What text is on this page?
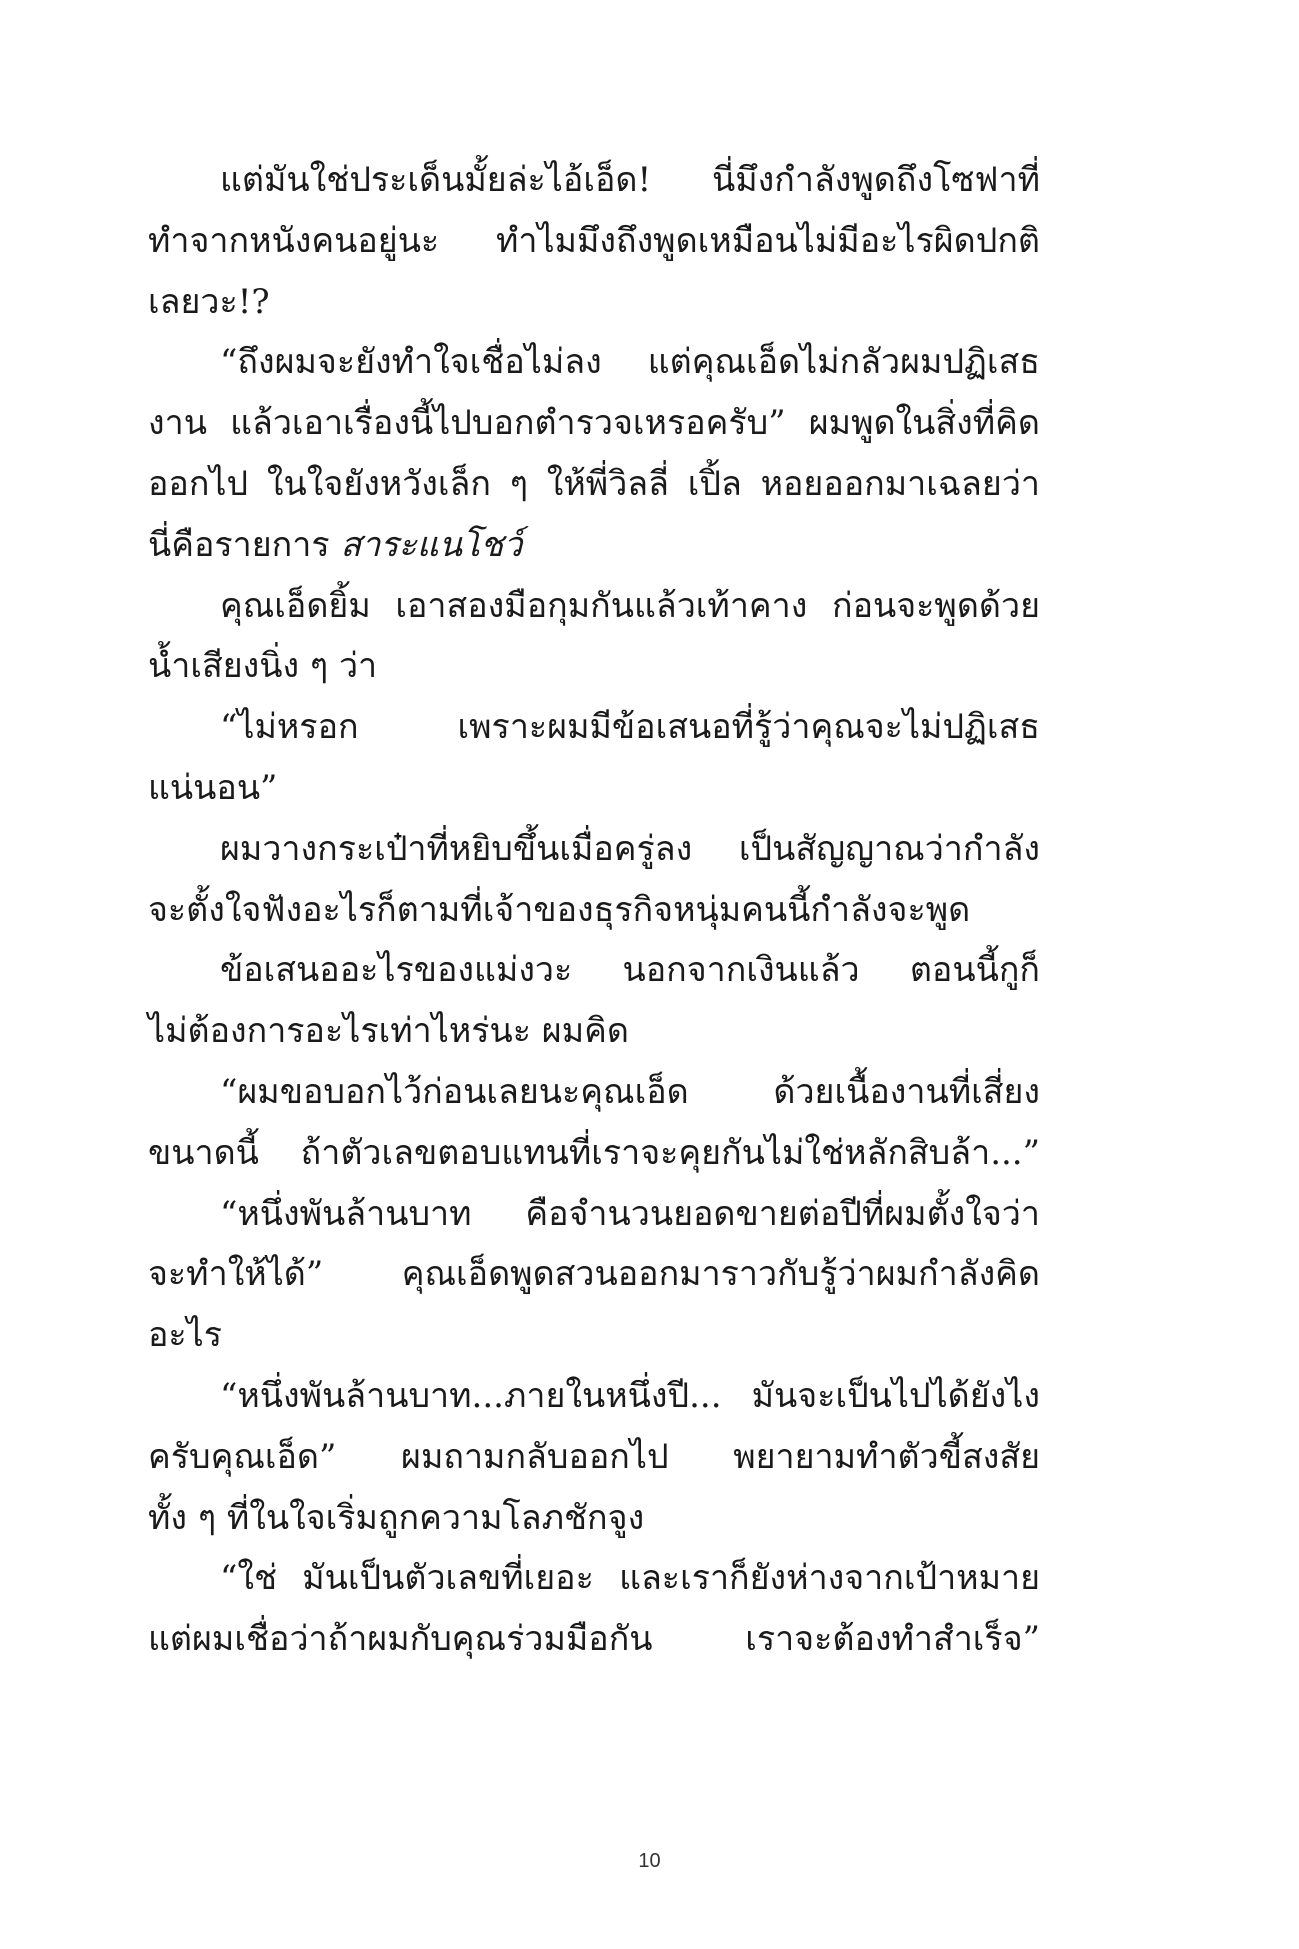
แต่มันใช่ประเด็นมั้ยล่ะไอ้เอ็ด! นี่มึงกำลังพูดถึงโซฟาที่
ทำจากหนังคนอยู่นะ ทำไมมึงถึงพูดเหมือนไม่มีอะไรผิดปกติ
เลยวะ!?
“ถึงผมจะยังทำใจเชื่อไม่ลง แต่คุณเอ็ดไม่กลัวผมปฏิเสธ
งาน แล้วเอาเรื่องนี้ไปบอกตำรวจเหรอครับ” ผมพูดในสิ่งที่คิด
ออกไป ในใจยังหวังเล็ก ๆ ให้พี่วิลลี่ เปิ้ล หอยออกมาเฉลยว่า
นี่คือรายการ สาระแนโชว์
คุณเอ็ดยิ้ม เอาสองมือกุมกันแล้วเท้าคาง ก่อนจะพูดด้วย
น้ำเสียงนิ่ง ๆ ว่า
“ไม่หรอก เพราะผมมีข้อเสนอที่รู้ว่าคุณจะไม่ปฏิเสธ
แน่นอน”
ผมวางกระเป๋าที่หยิบขึ้นเมื่อครู่ลง เป็นสัญญาณว่ากำลัง
จะตั้งใจฟังอะไรก็ตามที่เจ้าของธุรกิจหนุ่มคนนี้กำลังจะพูด
ข้อเสนออะไรของแม่งวะ นอกจากเงินแล้ว ตอนนี้กูก็
ไม่ต้องการอะไรเท่าไหร่นะ ผมคิด
“ผมขอบอกไว้ก่อนเลยนะคุณเอ็ด ด้วยเนื้องานที่เสี่ยง
ขนาดนี้ ถ้าตัวเลขตอบแทนที่เราจะคุยกันไม่ใช่หลักสิบล้า...”
“หนึ่งพันล้านบาท คือจำนวนยอดขายต่อปีที่ผมตั้งใจว่า
จะทำให้ได้” คุณเอ็ดพูดสวนออกมาราวกับรู้ว่าผมกำลังคิด
อะไร
“หนึ่งพันล้านบาท...ภายในหนึ่งปี... มันจะเป็นไปได้ยังไง
ครับคุณเอ็ด” ผมถามกลับออกไป พยายามทำตัวขี้สงสัย
ทั้ง ๆ ที่ในใจเริ่มถูกความโลภชักจูง
“ใช่ มันเป็นตัวเลขที่เยอะ และเราก็ยังห่างจากเป้าหมาย
แต่ผมเชื่อว่าถ้าผมกับคุณร่วมมือกัน เราจะต้องทำสำเร็จ”
10
